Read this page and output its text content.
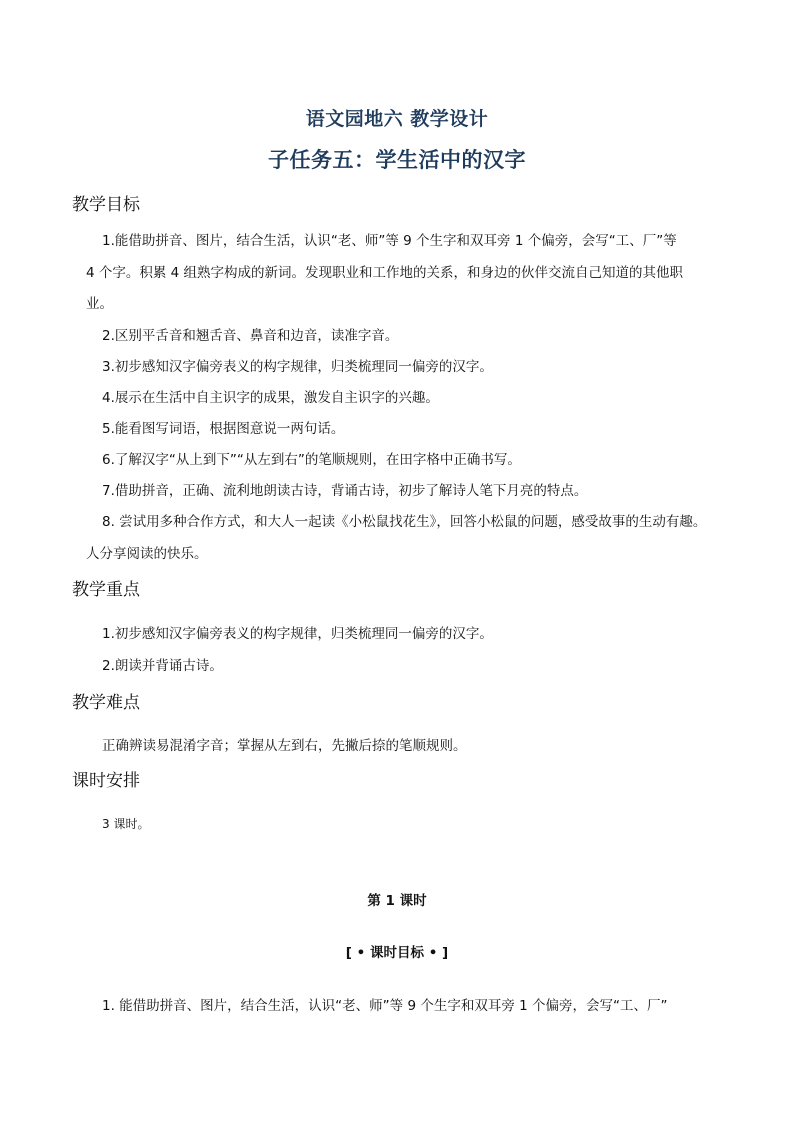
语文园地六 教学设计
子任务五：学生活中的汉字
教学目标
1.能借助拼音、图片，结合生活，认识“老、师”等 9 个生字和双耳旁 1 个偏旁，会写“工、厂”等
4 个字。积累 4 组熟字构成的新词。发现职业和工作地的关系，和身边的伙伴交流自己知道的其他职
业。
2.区别平舌音和翘舌音、鼻音和边音，读准字音。
3.初步感知汉字偏旁表义的构字规律，归类梳理同一偏旁的汉字。
4.展示在生活中自主识字的成果，激发自主识字的兴趣。
5.能看图写词语，根据图意说一两句话。
6.了解汉字“从上到下”“从左到右”的笔顺规则，在田字格中正确书写。
7.借助拼音，正确、流利地朗读古诗，背诵古诗，初步了解诗人笔下月亮的特点。
8. 尝试用多种合作方式，和大人一起读《小松鼠找花生》，回答小松鼠的问题，感受故事的生动有趣。
人分享阅读的快乐。
教学重点
1.初步感知汉字偏旁表义的构字规律，归类梳理同一偏旁的汉字。
2.朗读并背诵古诗。
教学难点
正确辨读易混淆字音；掌握从左到右，先撇后捺的笔顺规则。
课时安排
3 课时。
第 1 课时
[ • 课时目标 • ]
1. 能借助拼音、图片，结合生活，认识“老、师”等 9 个生字和双耳旁 1 个偏旁，会写“工、厂”
